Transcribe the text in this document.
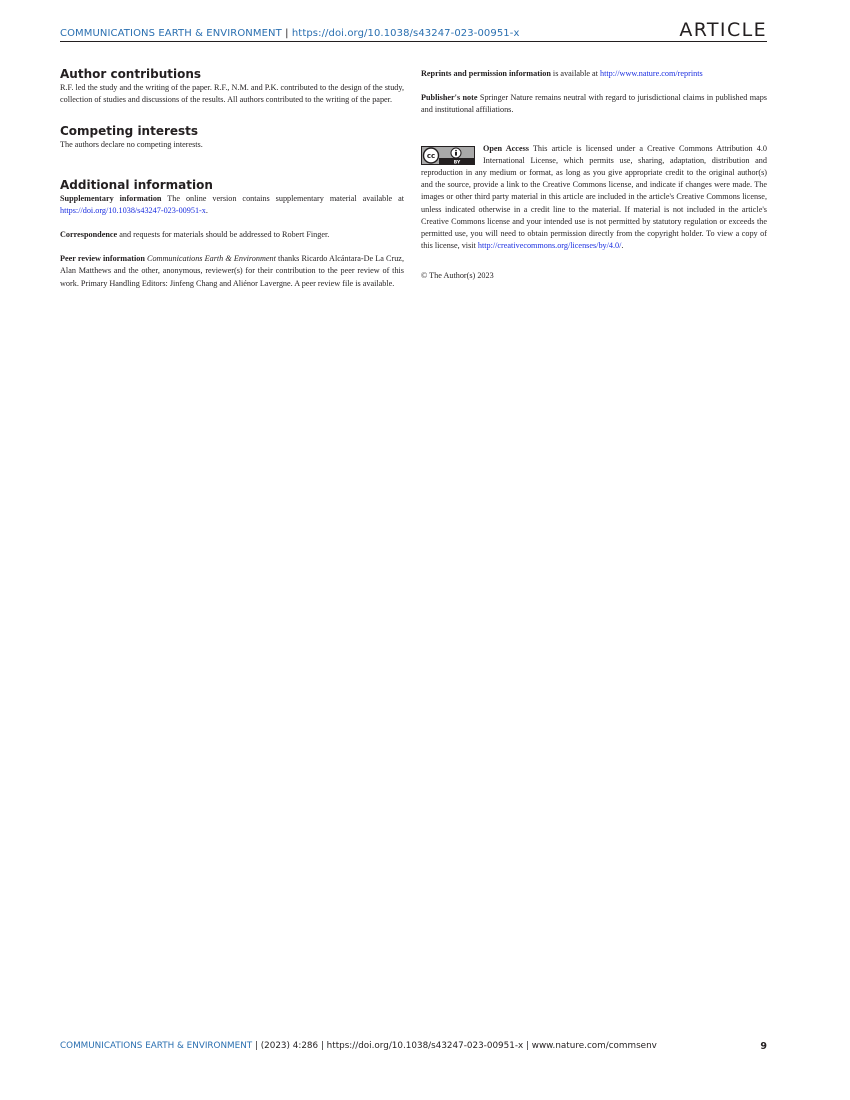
COMMUNICATIONS EARTH & ENVIRONMENT | https://doi.org/10.1038/s43247-023-00951-x	ARTICLE
Author contributions

R.F. led the study and the writing of the paper. R.F., N.M. and P.K. contributed to the design of the study, collection of studies and discussions of the results. All authors contributed to the writing of the paper.

Competing interests

The authors declare no competing interests.

Additional information

Supplementary information The online version contains supplementary material available at https://doi.org/10.1038/s43247-023-00951-x.

Correspondence and requests for materials should be addressed to Robert Finger.

Peer review information Communications Earth & Environment thanks Ricardo Alcántara-De La Cruz, Alan Matthews and the other, anonymous, reviewer(s) for their contribution to the peer review of this work. Primary Handling Editors: Jinfeng Chang and Aliénor Lavergne. A peer review file is available.

Reprints and permission information is available at http://www.nature.com/reprints

Publisher's note Springer Nature remains neutral with regard to jurisdictional claims in published maps and institutional affiliations.

cc
BY

Open Access This article is licensed under a Creative Commons Attribution 4.0 International License, which permits use, sharing, adaptation, distribution and reproduction in any medium or format, as long as you give appropriate credit to the original author(s) and the source, provide a link to the Creative Commons license, and indicate if changes were made. The images or other third party material in this article are included in the article's Creative Commons license, unless indicated otherwise in a credit line to the material. If material is not included in the article's Creative Commons license and your intended use is not permitted by statutory regulation or exceeds the permitted use, you will need to obtain permission directly from the copyright holder. To view a copy of this license, visit http://creativecommons.org/licenses/by/4.0/.

© The Author(s) 2023

COMMUNICATIONS EARTH & ENVIRONMENT | (2023) 4:286 | https://doi.org/10.1038/s43247-023-00951-x | www.nature.com/commsenv	9
